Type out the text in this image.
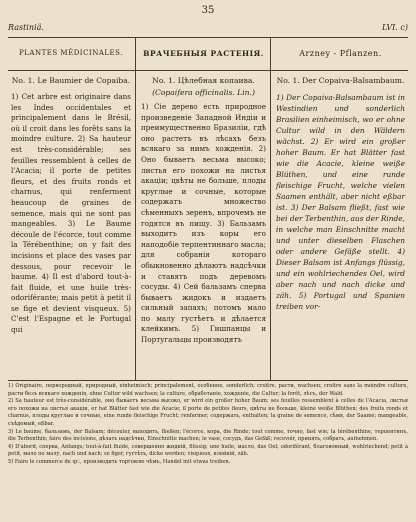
35
Rastiniä.	LVI. c)
PLANTES MÉDICINALES.
No. 1. Le Baumier de Copaiba.

1) Cet arbre est originaire dans les Indes occidentales et principalement dans le Brésil, où il croit dans les forêts sans la moindre culture. 2) Sa hauteur est très-considérable; ses feuilles ressemblent à celles de l'Acacia; il porte de petites fleurs, et des fruits ronds et charnus, qui renferment beaucoup de graines de semence, mais qui ne sont pas mangeables. 3) Le Baume découle de l'écorce, tout comme la Térébenthine; on y fait des incisions et place des vases par dessous, pour recevoir le baume. 4) Il est d'abord tout-à-fait fluide, et une huile très-odoriférante; mais petit à petit il se fige et devient visqueux. 5) C'est l'Espagne et le Portugal qui

ВРАЧЕБНЫЯ РАСТЕНІЯ.
No. 1. Цѣлебная копаива.
(Copaifera officinalis. Lin.)

1) Сіе дерево есть природное произведеніе Западной Индіи и преимущественно Бразиліи, гдѣ оно растетъ въ лѣсахъ безъ всякаго за нимъ хожденія. 2) Оно бываетъ весьма высоко; листья его похожи на листья акаціи; цвѣты не больше, плоды круглые и сочные, которые содержатъ множество сѣменныхъ зеренъ, впрочемъ не годятся въ пищу. 3) Бальзамъ выходитъ изъ коры его наподобіе терпентиннаго масла; для собранія котораго обыкновенно дѣлаютъ надсѣчки и ставятъ подъ деревомъ сосуды. 4) Сей бальзамъ сперва бываетъ жидокъ и издаетъ сильный запахъ; потомъ мало по малу густѣетъ и дѣлается клейкимъ. 5) Гишпанцы и Португальцы производятъ

Arzney - Pflanzen.
No. 1. Der Copaiva-Balsambaum.

1) Der Copaiva-Balsambaum ist in Westindien und sonderlich Brasilien einheimisch, wo er ohne Cultur wild in den Wäldern wächst. 2) Er wird ein großer hoher Baum. Er hat Blätter fast wie die Acacie, kleine weiße Blüthen, und eine runde fleischige Frucht, welche vielen Saamen enthält, aber nicht eßbar ist. 3) Der Balsam fließt, fast wie bei der Terbenthin, aus der Rinde, in welche man Einschnitte macht und unter dieselben Flaschen oder andere Gefäße stellt. 4) Dieser Balsam ist Anfangs flüssig, und ein wohlriechendes Oel, wird aber nach und nach dicke und zäh. 5) Portugal und Spanien treiben vor-

1) Originaire, первородный, природный, einheimisch; principalement, особенно, sonderlich; croître, расти, wachsen; croître sans la moindre culture, расти безъ всякаго хожденія, ohne Cultur wild wachsen; la culture, обработаніе, хожденіе, die Cultur; la forêt, лѣсъ, der Wald.

2) Sa hauteur est très-considérable, оно бываетъ весьма высоко, er wird ein großer hoher Baum; ses feuilles ressemblent à celles de l'Acacia, листья его похожи на листья акаціи, er hat Blätter fast wie die Acacie; il porte de petites fleurs, цвѣты не больше, kleine weiße Blüthen; des fruits ronds et charnus, плоды круглые и сочные, eine runde fleischige Frucht; renfermer, содержать, enthalten; la graine de semence, сѣмя, der Saame; mangeable, съѣдомый, eßbar.

3) Le baume, бальзамъ, der Balsam; découler, выходить, fließen; l'écorce, кора, die Rinde; tout comme, точно, fast wie; la térébenthine, терпентинъ, die Terbenthin; faire des incisions, дѣлать надсѣчки, Einschnitte machen; le vase, сосудъ, das Gefäß; recevoir, принять, собрать, aufnehmen.

4) D'abord, сперва, Anfangs; tout-à-fait fluide, совершенно жидкій, flüssig; une huile, масло, das Oel; odoriférant, благовонный, wohlriechend; petit à petit, мало по малу, nach und nach; se figer, густѣть, dicke werden; visqueux, клейкій, zäh.

5) Faire le commerce de qc., производить торговлю чѣмъ, Handel mit etwas treiben.
